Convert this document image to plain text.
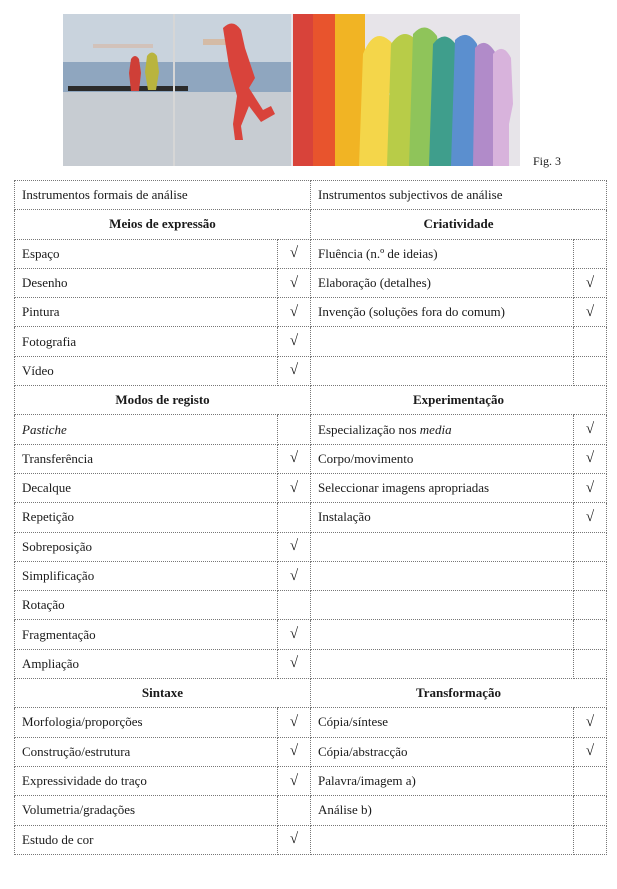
Fig. 3
Instrumentos formais de análise		Instrumentos subjectivos de análise	
Meios de expressão		Criatividade	
Espaço	√	Fluência (n.º de ideias)	
Desenho	√	Elaboração (detalhes)	√
Pintura	√	Invenção (soluções fora do comum)	√
Fotografia	√		
Vídeo	√		
Modos de registo		Experimentação	
Pastiche		Especialização nos media	√
Transferência	√	Corpo/movimento	√
Decalque	√	Seleccionar imagens apropriadas	√
Repetição		Instalação	√
Sobreposição	√		
Simplificação	√		
Rotação			
Fragmentação	√		
Ampliação	√		
Sintaxe		Transformação	
Morfologia/proporções	√	Cópia/síntese	√
Construção/estrutura	√	Cópia/abstracção	√
Expressividade do traço	√	Palavra/imagem a)	
Volumetria/gradações		Análise b)	
Estudo de cor	√		
